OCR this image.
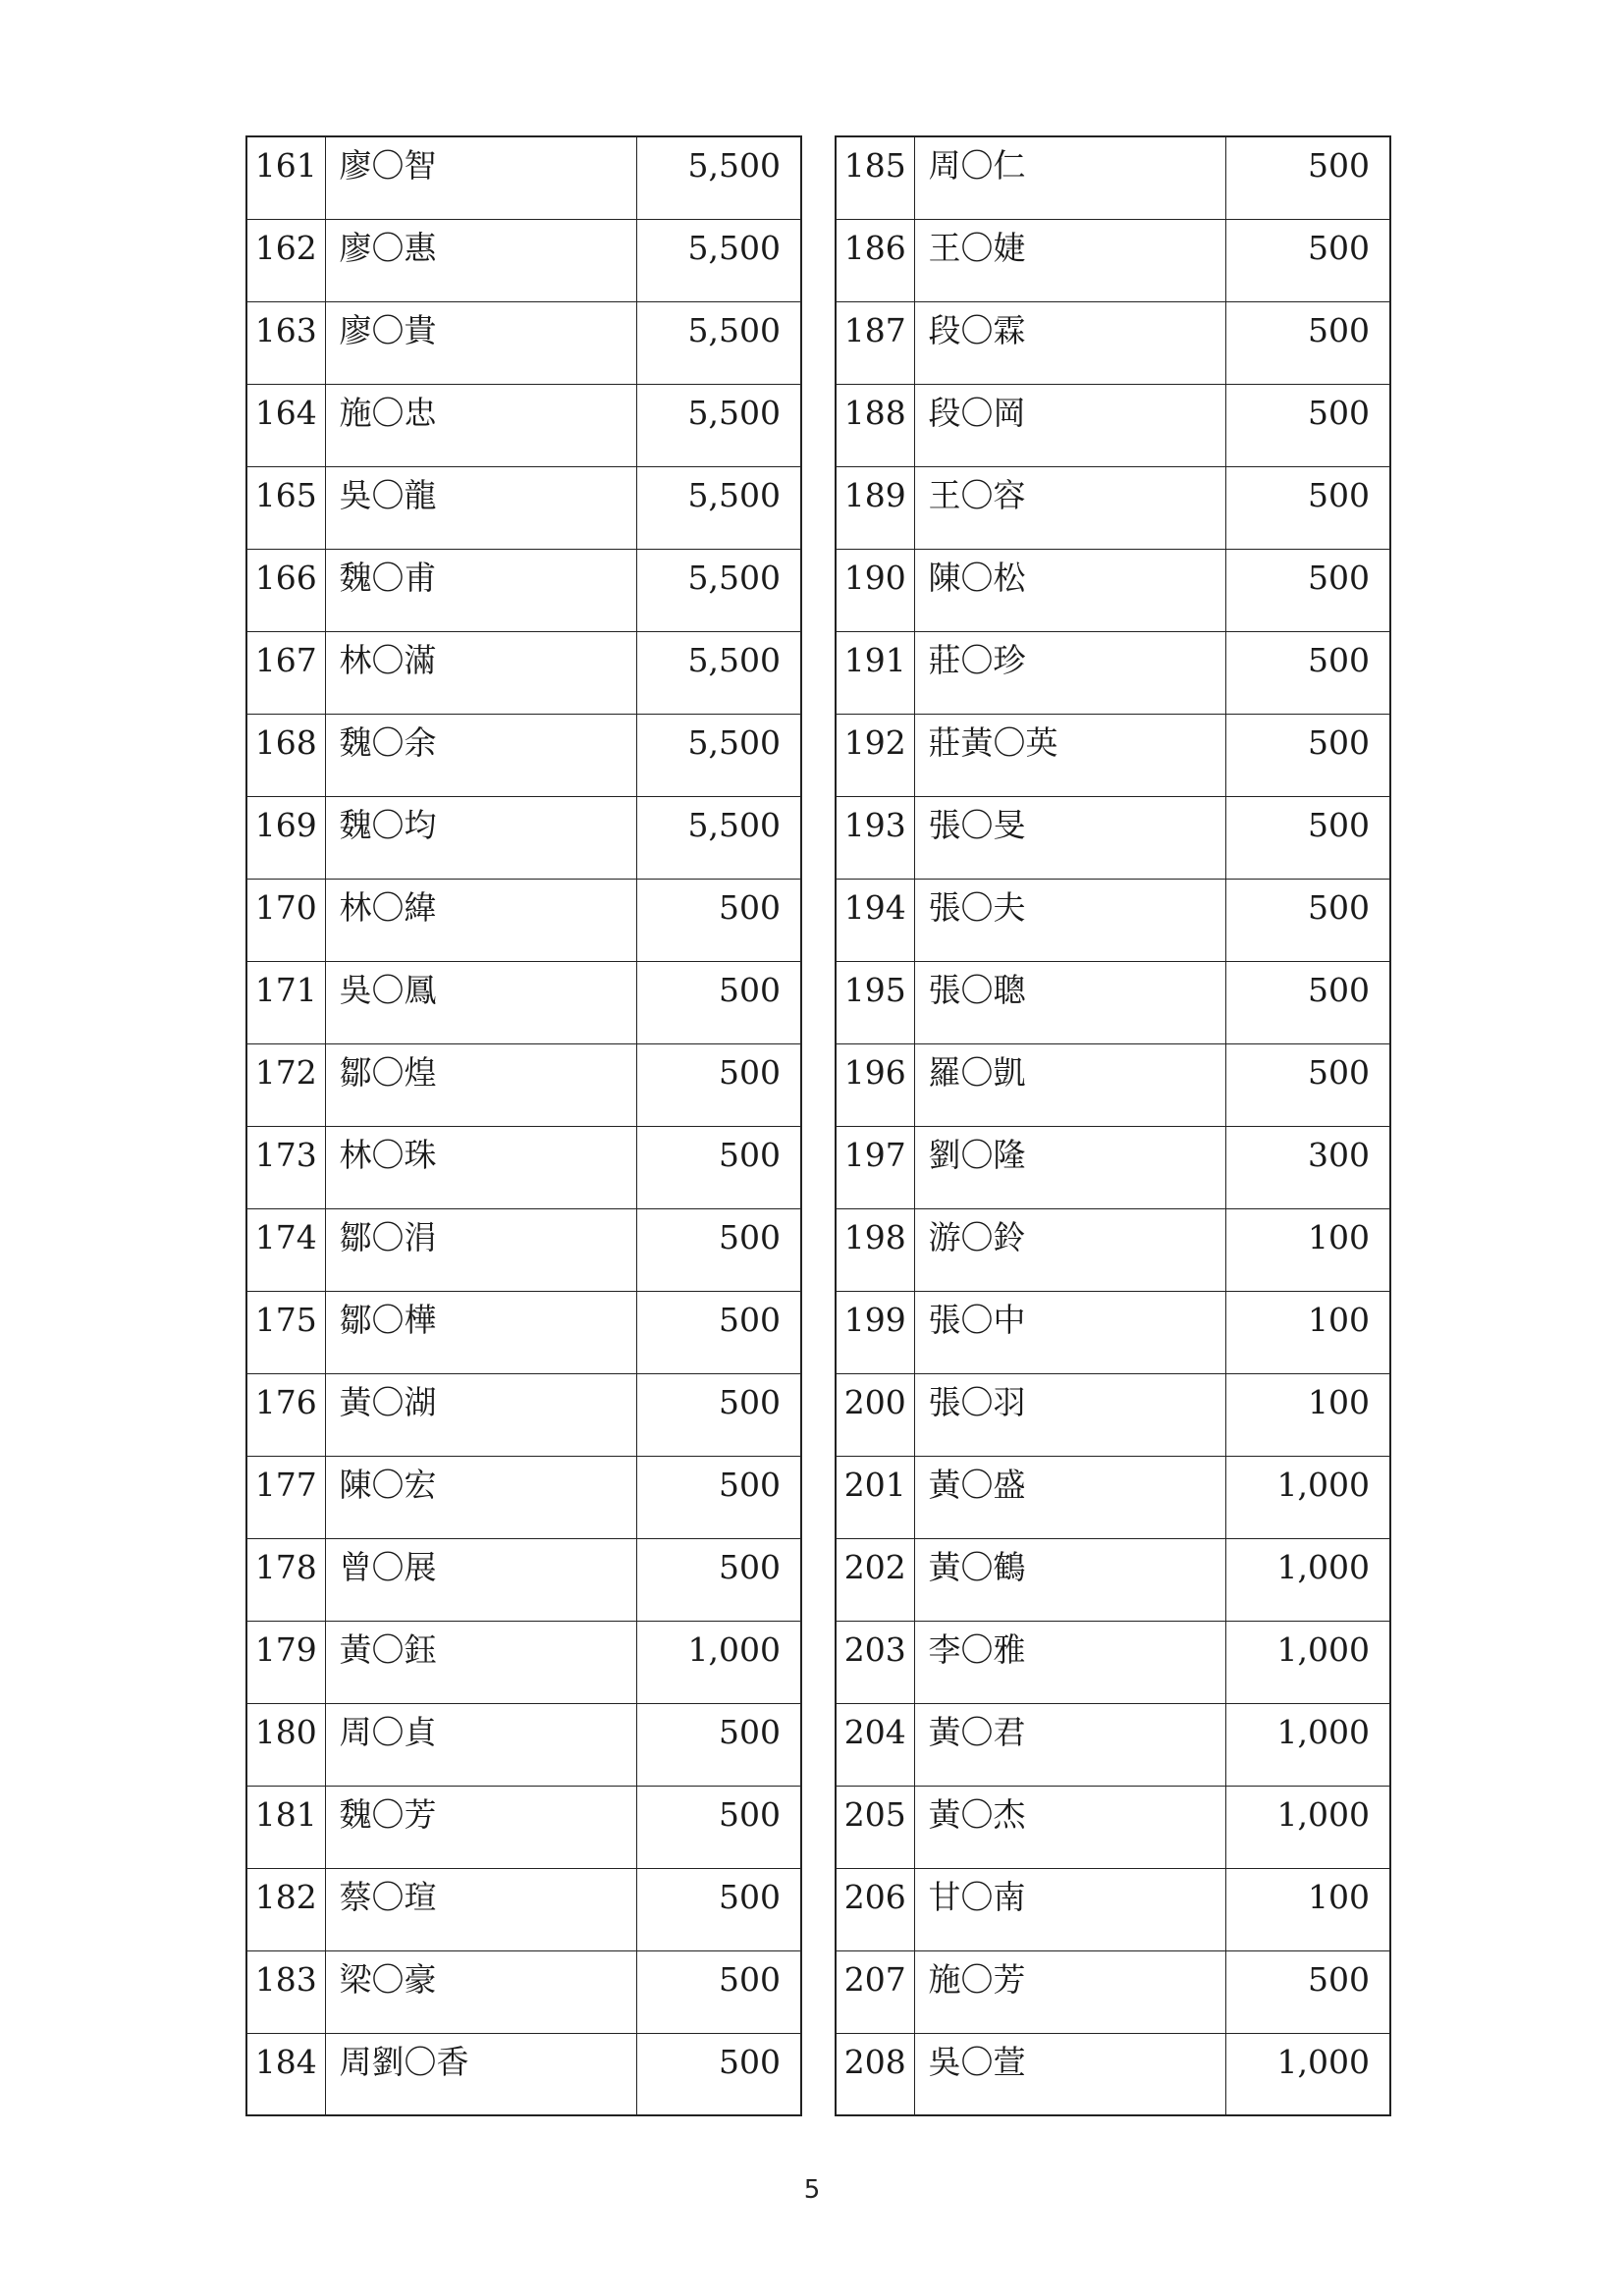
161	廖〇智	5,500

162	廖〇惠	5,500

163	廖〇貴	5,500

164	施〇忠	5,500

165	吳〇龍	5,500

166	魏〇甫	5,500

167	林〇滿	5,500

168	魏〇余	5,500

169	魏〇均	5,500

170	林〇緯	500

171	吳〇鳳	500

172	鄒〇煌	500

173	林〇珠	500

174	鄒〇涓	500

175	鄒〇樺	500

176	黃〇湖	500

177	陳〇宏	500

178	曾〇展	500

179	黃〇鈺	1,000

180	周〇貞	500

181	魏〇芳	500

182	蔡〇瑄	500

183	梁〇豪	500

184	周劉〇香	500
185	周〇仁	500

186	王〇婕	500

187	段〇霖	500

188	段〇岡	500

189	王〇容	500

190	陳〇松	500

191	莊〇珍	500

192	莊黃〇英	500

193	張〇旻	500

194	張〇夫	500

195	張〇聰	500

196	羅〇凱	500

197	劉〇隆	300

198	游〇鈴	100

199	張〇中	100

200	張〇羽	100

201	黃〇盛	1,000

202	黃〇鶴	1,000

203	李〇雅	1,000

204	黃〇君	1,000

205	黃〇杰	1,000

206	甘〇南	100

207	施〇芳	500

208	吳〇萱	1,000
5
